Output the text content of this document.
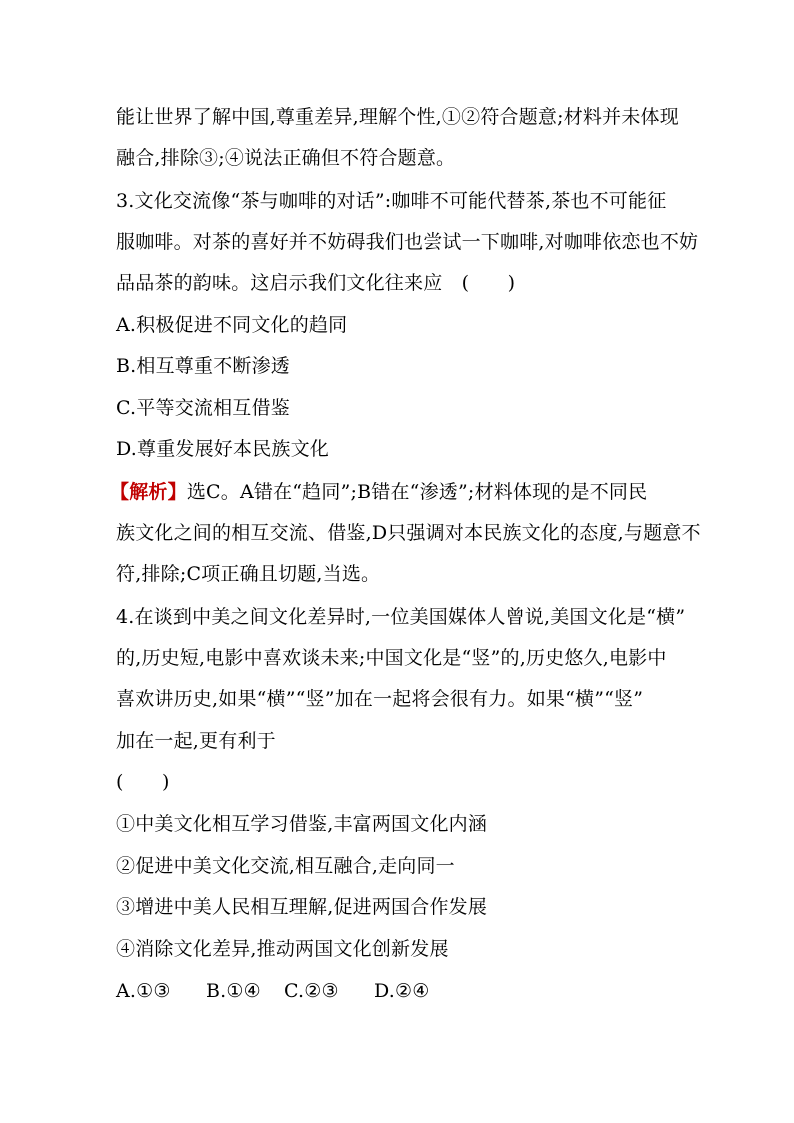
能让世界了解中国,尊重差异,理解个性,①②符合题意;材料并未体现
融合,排除③;④说法正确但不符合题意。
3.文化交流像“茶与咖啡的对话”:咖啡不可能代替茶,茶也不可能征
服咖啡。对茶的喜好并不妨碍我们也尝试一下咖啡,对咖啡依恋也不妨
品品茶的韵味。这启示我们文化往来应　(　　)
A.积极促进不同文化的趋同
B.相互尊重不断渗透
C.平等交流相互借鉴
D.尊重发展好本民族文化
【解析】选C。A错在“趋同”;B错在“渗透”;材料体现的是不同民
族文化之间的相互交流、借鉴,D只强调对本民族文化的态度,与题意不
符,排除;C项正确且切题,当选。
4.在谈到中美之间文化差异时,一位美国媒体人曾说,美国文化是“横”
的,历史短,电影中喜欢谈未来;中国文化是“竖”的,历史悠久,电影中
喜欢讲历史,如果“横”“竖”加在一起将会很有力。如果“横”“竖”
加在一起,更有利于
(　　)
①中美文化相互学习借鉴,丰富两国文化内涵
②促进中美文化交流,相互融合,走向同一
③增进中美人民相互理解,促进两国合作发展
④消除文化差异,推动两国文化创新发展
A.①③ B.①④ C.②③ D.②④
